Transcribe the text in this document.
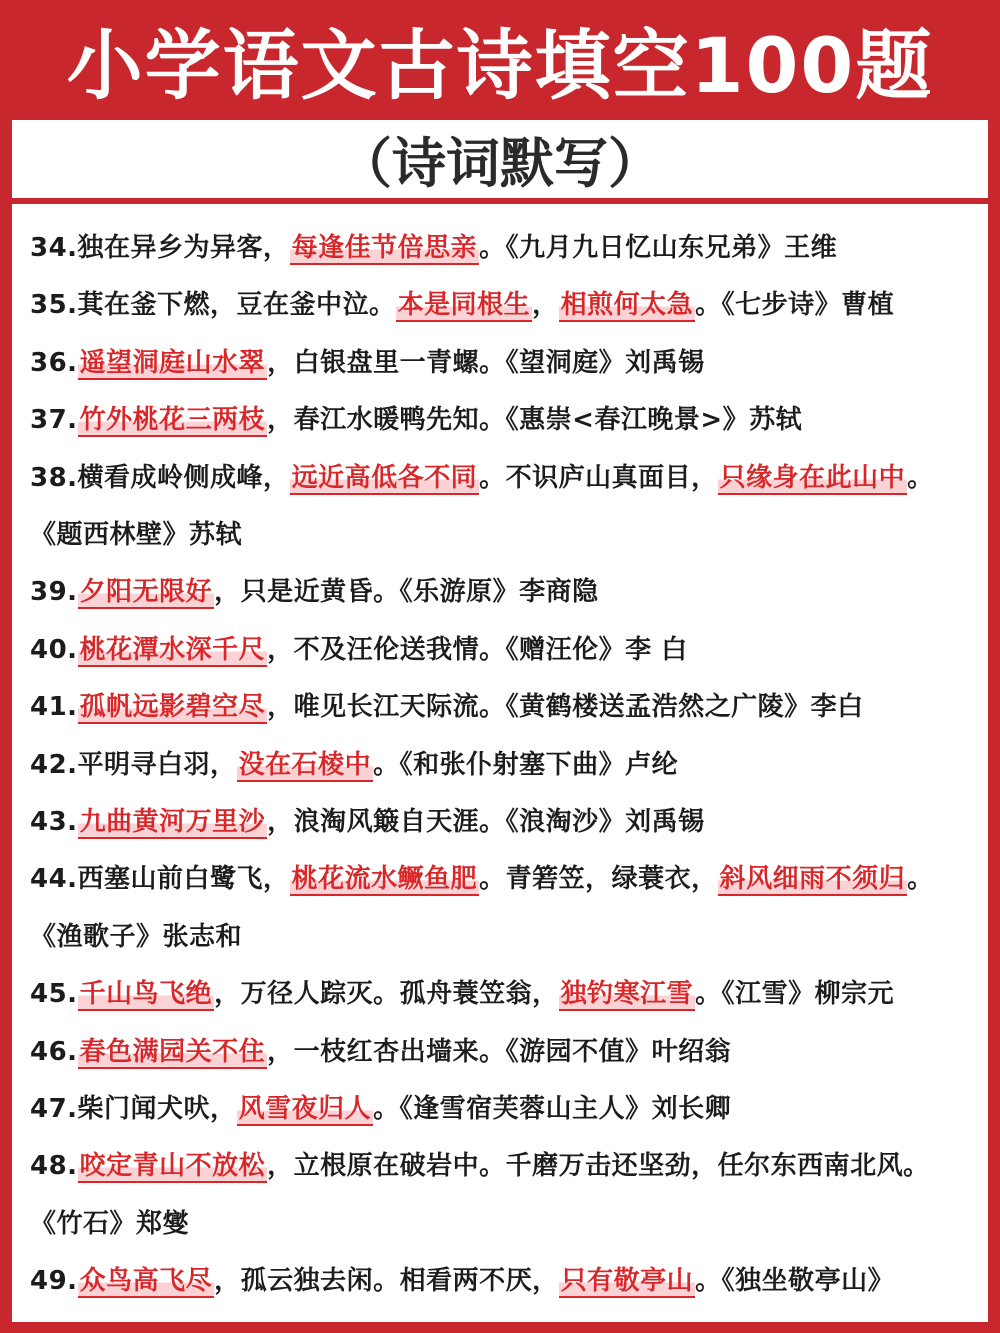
小学语文古诗填空100题
（诗词默写）
34.独在异乡为异客，每逢佳节倍思亲。《九月九日忆山东兄弟》王维
35.萁在釜下燃，豆在釜中泣。本是同根生，相煎何太急。《七步诗》曹植
36.遥望洞庭山水翠，白银盘里一青螺。《望洞庭》刘禹锡
37.竹外桃花三两枝，春江水暖鸭先知。《惠崇<春江晚景>》苏轼
38.横看成岭侧成峰，远近高低各不同。不识庐山真面目，只缘身在此山中。
《题西林壁》苏轼
39.夕阳无限好，只是近黄昏。《乐游原》李商隐
40.桃花潭水深千尺，不及汪伦送我情。《赠汪伦》李 白
41.孤帆远影碧空尽，唯见长江天际流。《黄鹤楼送孟浩然之广陵》李白
42.平明寻白羽，没在石棱中。《和张仆射塞下曲》卢纶
43.九曲黄河万里沙，浪淘风簸自天涯。《浪淘沙》刘禹锡
44.西塞山前白鹭飞，桃花流水鳜鱼肥。青箬笠，绿蓑衣，斜风细雨不须归。
《渔歌子》张志和
45.千山鸟飞绝，万径人踪灭。孤舟蓑笠翁，独钓寒江雪。《江雪》柳宗元
46.春色满园关不住，一枝红杏出墙来。《游园不值》叶绍翁
47.柴门闻犬吠，风雪夜归人。《逢雪宿芙蓉山主人》刘长卿
48.咬定青山不放松，立根原在破岩中。千磨万击还坚劲，任尔东西南北风。
《竹石》郑燮
49.众鸟高飞尽，孤云独去闲。相看两不厌，只有敬亭山。《独坐敬亭山》
